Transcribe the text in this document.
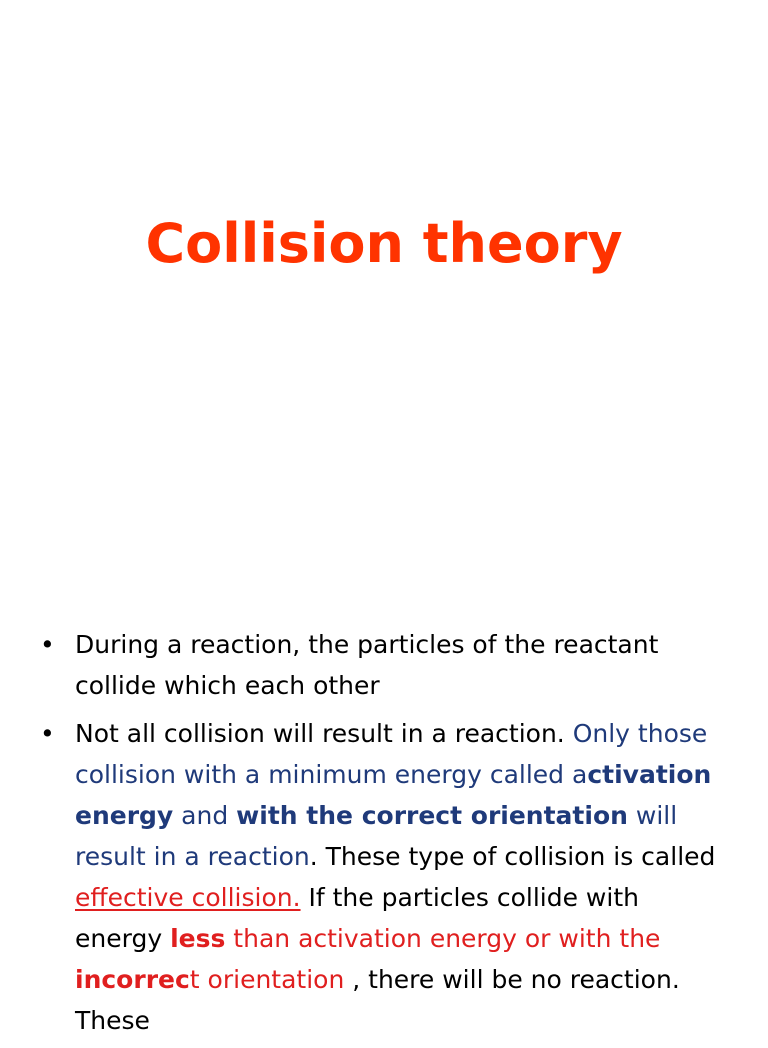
Collision theory
• During a reaction, the particles of the reactant collide which each other
• Not all collision will result in a reaction. Only those collision with a minimum energy called activation energy and with the correct orientation will result in a reaction. These type of collision is called effective collision. If the particles collide with energy less than activation energy or with the incorrect orientation , there will be no reaction. These
